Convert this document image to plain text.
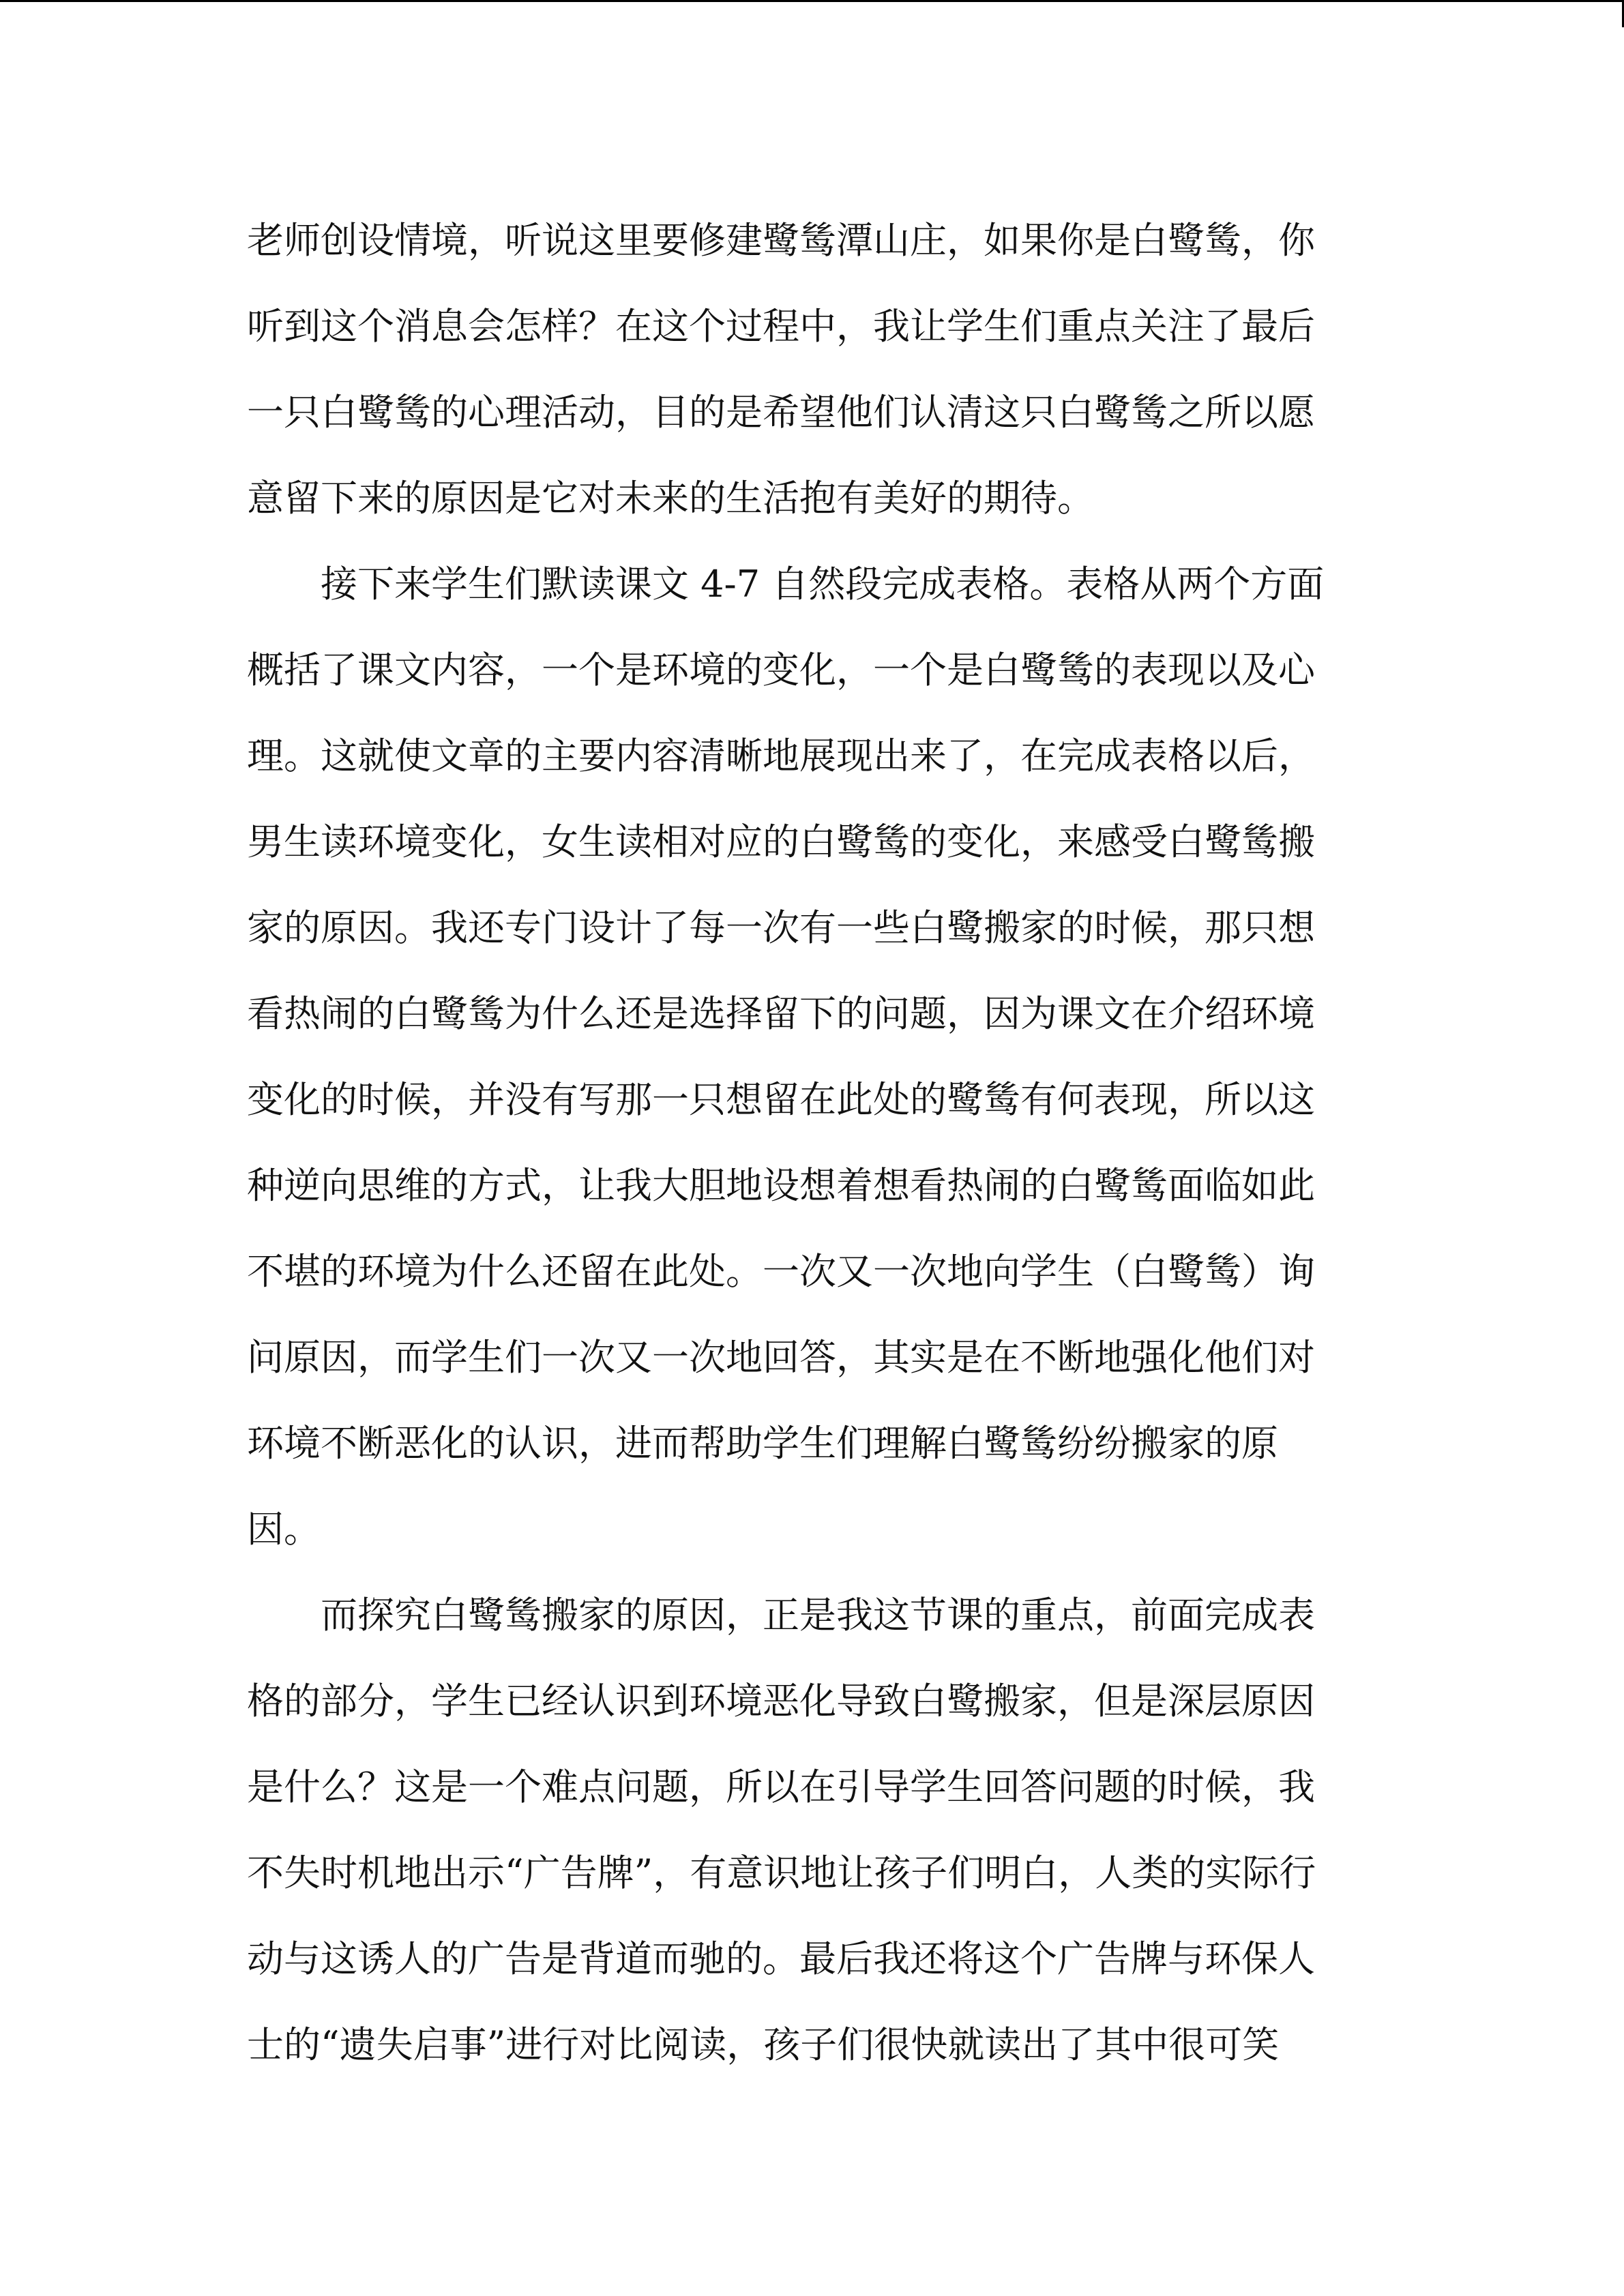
老师创设情境，听说这里要修建鹭鸶潭山庄，如果你是白鹭鸶，你
听到这个消息会怎样？在这个过程中，我让学生们重点关注了最后
一只白鹭鸶的心理活动，目的是希望他们认清这只白鹭鸶之所以愿
意留下来的原因是它对未来的生活抱有美好的期待。
接下来学生们默读课文 4-7 自然段完成表格。表格从两个方面
概括了课文内容，一个是环境的变化，一个是白鹭鸶的表现以及心
理。这就使文章的主要内容清晰地展现出来了，在完成表格以后，
男生读环境变化，女生读相对应的白鹭鸶的变化，来感受白鹭鸶搬
家的原因。我还专门设计了每一次有一些白鹭搬家的时候，那只想
看热闹的白鹭鸶为什么还是选择留下的问题，因为课文在介绍环境
变化的时候，并没有写那一只想留在此处的鹭鸶有何表现，所以这
种逆向思维的方式，让我大胆地设想着想看热闹的白鹭鸶面临如此
不堪的环境为什么还留在此处。一次又一次地向学生（白鹭鸶）询
问原因，而学生们一次又一次地回答，其实是在不断地强化他们对
环境不断恶化的认识，进而帮助学生们理解白鹭鸶纷纷搬家的原
因。
而探究白鹭鸶搬家的原因，正是我这节课的重点，前面完成表
格的部分，学生已经认识到环境恶化导致白鹭搬家，但是深层原因
是什么？这是一个难点问题，所以在引导学生回答问题的时候，我
不失时机地出示“广告牌”，有意识地让孩子们明白，人类的实际行
动与这诱人的广告是背道而驰的。最后我还将这个广告牌与环保人
士的“遗失启事”进行对比阅读，孩子们很快就读出了其中很可笑
